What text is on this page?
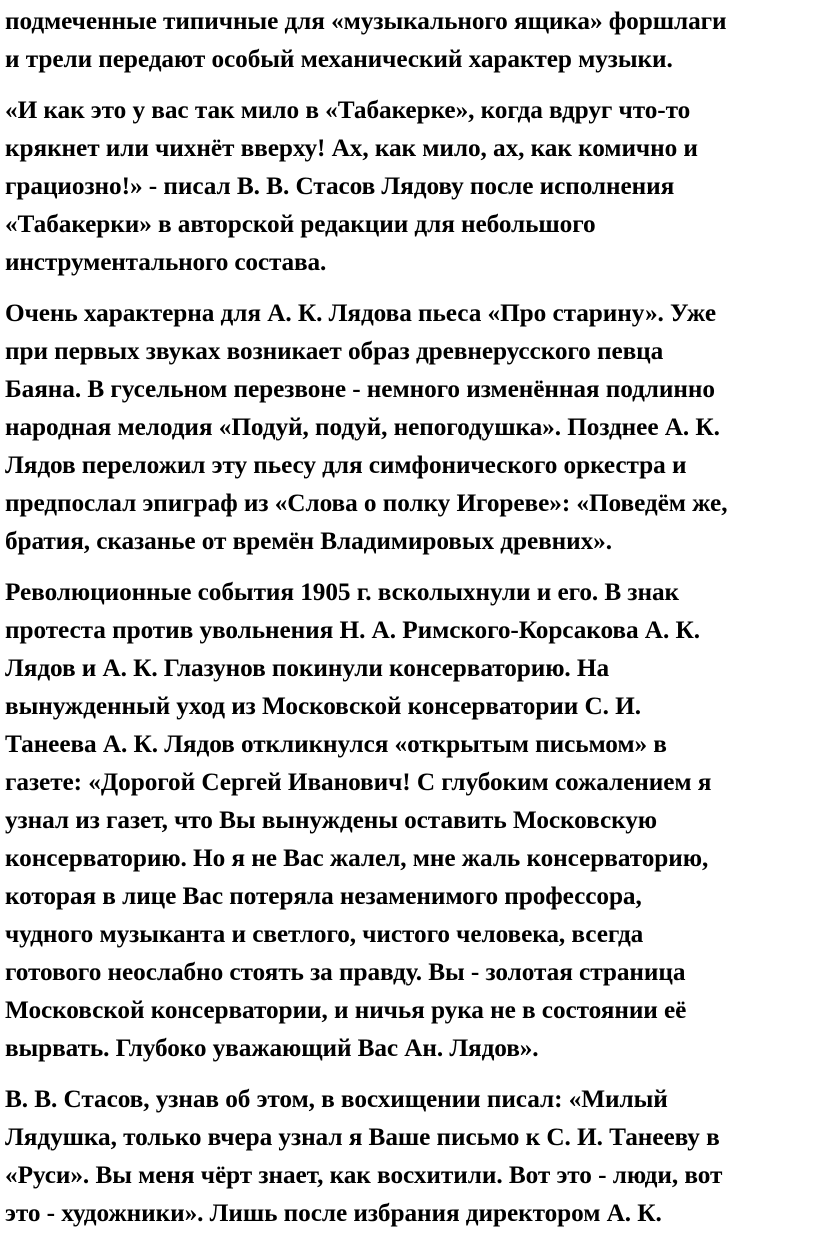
подмеченные типичные для «музыкального ящика» форшлаги
и трели передают особый механический характер музыки.
«И как это у вас так мило в «Табакерке», когда вдруг что-то
крякнет или чихнёт вверху! Ах, как мило, ах, как комично и
грациозно!» - писал В. В. Стасов Лядову после исполнения
«Табакерки» в авторской редакции для небольшого
инструментального состава.
Очень характерна для А. К. Лядова пьеса «Про старину». Уже
при первых звуках возникает образ древнерусского певца
Баяна. В гусельном перезвоне - немного изменённая подлинно
народная мелодия «Подуй, подуй, непогодушка». Позднее А. К.
Лядов переложил эту пьесу для симфонического оркестра и
предпослал эпиграф из «Слова о полку Игореве»: «Поведём же,
братия, сказанье от времён Владимировых древних».
Революционные события 1905 г. всколыхнули и его. В знак
протеста против увольнения Н. А. Римского-Корсакова А. К.
Лядов и А. К. Глазунов покинули консерваторию. На
вынужденный уход из Московской консерватории С. И.
Танеева А. К. Лядов откликнулся «открытым письмом» в
газете: «Дорогой Сергей Иванович! С глубоким сожалением я
узнал из газет, что Вы вынуждены оставить Московскую
консерваторию. Но я не Вас жалел, мне жаль консерваторию,
которая в лице Вас потеряла незаменимого профессора,
чудного музыканта и светлого, чистого человека, всегда
готового неослабно стоять за правду. Вы - золотая страница
Московской консерватории, и ничья рука не в состоянии её
вырвать. Глубоко уважающий Вас Ан. Лядов».
В. В. Стасов, узнав об этом, в восхищении писал: «Милый
Лядушка, только вчера узнал я Ваше письмо к С. И. Танееву в
«Руси». Вы меня чёрт знает, как восхитили. Вот это - люди, вот
это - художники». Лишь после избрания директором А. К.
